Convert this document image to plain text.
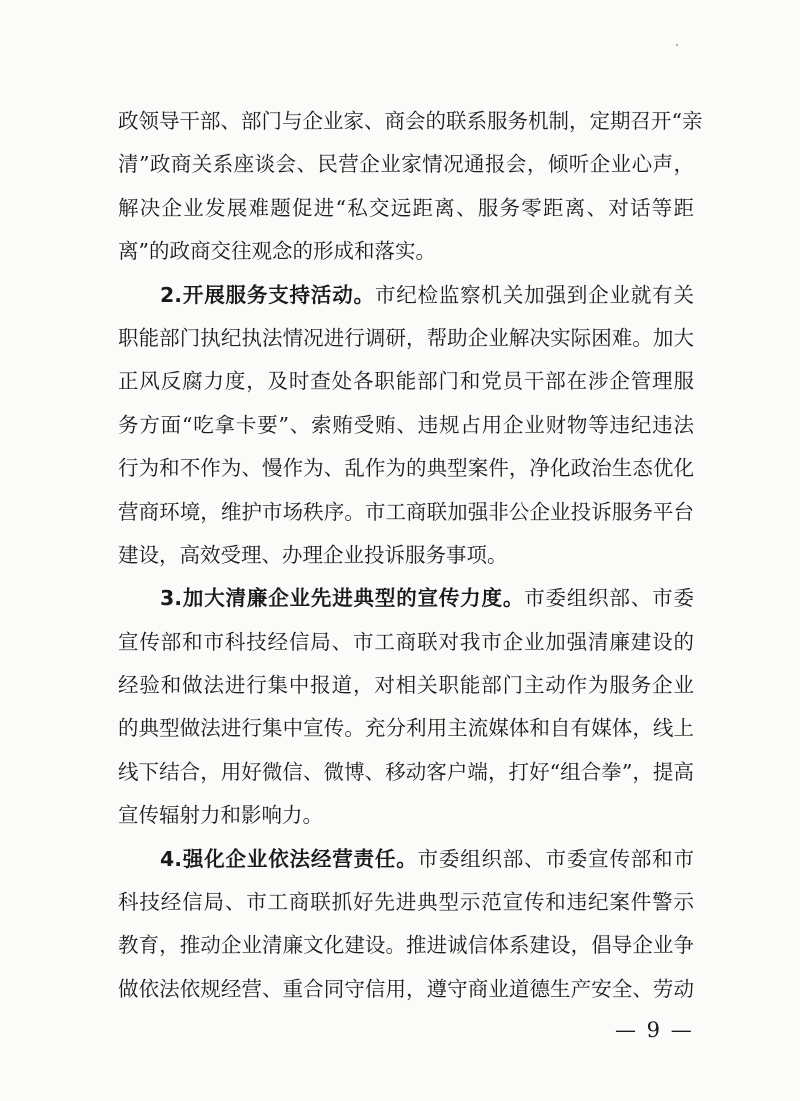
政领导干部、部门与企业家、商会的联系服务机制，定期召开“亲
清”政商关系座谈会、民营企业家情况通报会，倾听企业心声，
解决企业发展难题促进“私交远距离、服务零距离、对话等距
离”的政商交往观念的形成和落实。
2.开展服务支持活动。市纪检监察机关加强到企业就有关
职能部门执纪执法情况进行调研，帮助企业解决实际困难。加大
正风反腐力度，及时查处各职能部门和党员干部在涉企管理服
务方面“吃拿卡要”、索贿受贿、违规占用企业财物等违纪违法
行为和不作为、慢作为、乱作为的典型案件，净化政治生态优化
营商环境，维护市场秩序。市工商联加强非公企业投诉服务平台
建设，高效受理、办理企业投诉服务事项。
3.加大清廉企业先进典型的宣传力度。市委组织部、市委
宣传部和市科技经信局、市工商联对我市企业加强清廉建设的
经验和做法进行集中报道，对相关职能部门主动作为服务企业
的典型做法进行集中宣传。充分利用主流媒体和自有媒体，线上
线下结合，用好微信、微博、移动客户端，打好“组合拳”，提高
宣传辐射力和影响力。
4.强化企业依法经营责任。市委组织部、市委宣传部和市
科技经信局、市工商联抓好先进典型示范宣传和违纪案件警示
教育，推动企业清廉文化建设。推进诚信体系建设，倡导企业争
做依法依规经营、重合同守信用，遵守商业道德生产安全、劳动
— 9 —
